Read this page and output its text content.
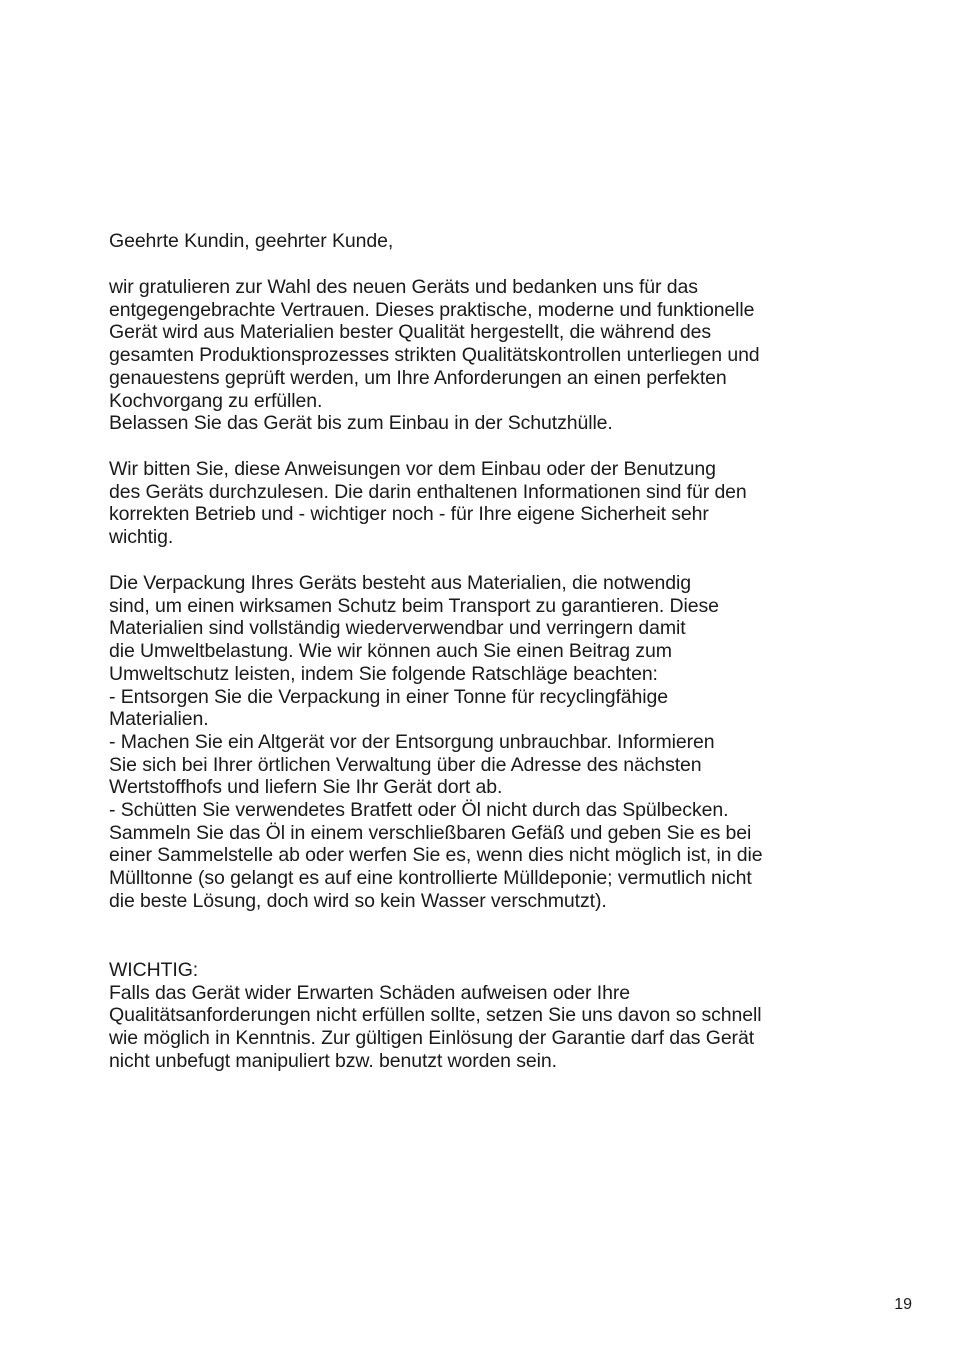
Geehrte Kundin, geehrter Kunde,
wir gratulieren zur Wahl des neuen Geräts und bedanken uns für das
entgegengebrachte Vertrauen. Dieses praktische, moderne und funktionelle
Gerät wird aus Materialien bester Qualität hergestellt, die während des
gesamten Produktionsprozesses strikten Qualitätskontrollen unterliegen und
genauestens geprüft werden, um Ihre Anforderungen an einen perfekten
Kochvorgang zu erfüllen.
Belassen Sie das Gerät bis zum Einbau in der Schutzhülle.
Wir bitten Sie, diese Anweisungen vor dem Einbau oder der Benutzung
des Geräts durchzulesen. Die darin enthaltenen Informationen sind für den
korrekten Betrieb und - wichtiger noch - für Ihre eigene Sicherheit sehr
wichtig.
Die Verpackung Ihres Geräts besteht aus Materialien, die notwendig
sind, um einen wirksamen Schutz beim Transport zu garantieren. Diese
Materialien sind vollständig wiederverwendbar und verringern damit
die Umweltbelastung. Wie wir können auch Sie einen Beitrag zum
Umweltschutz leisten, indem Sie folgende Ratschläge beachten:
- Entsorgen Sie die Verpackung in einer Tonne für recyclingfähige
Materialien.
- Machen Sie ein Altgerät vor der Entsorgung unbrauchbar. Informieren
Sie sich bei Ihrer örtlichen Verwaltung über die Adresse des nächsten
Wertstoffhofs und liefern Sie Ihr Gerät dort ab.
- Schütten Sie verwendetes Bratfett oder Öl nicht durch das Spülbecken.
Sammeln Sie das Öl in einem verschließbaren Gefäß und geben Sie es bei
einer Sammelstelle ab oder werfen Sie es, wenn dies nicht möglich ist, in die
Mülltonne (so gelangt es auf eine kontrollierte Mülldeponie; vermutlich nicht
die beste Lösung, doch wird so kein Wasser verschmutzt).
WICHTIG:
Falls das Gerät wider Erwarten Schäden aufweisen oder Ihre
Qualitätsanforderungen nicht erfüllen sollte, setzen Sie uns davon so schnell
wie möglich in Kenntnis. Zur gültigen Einlösung der Garantie darf das Gerät
nicht unbefugt manipuliert bzw. benutzt worden sein.
19
